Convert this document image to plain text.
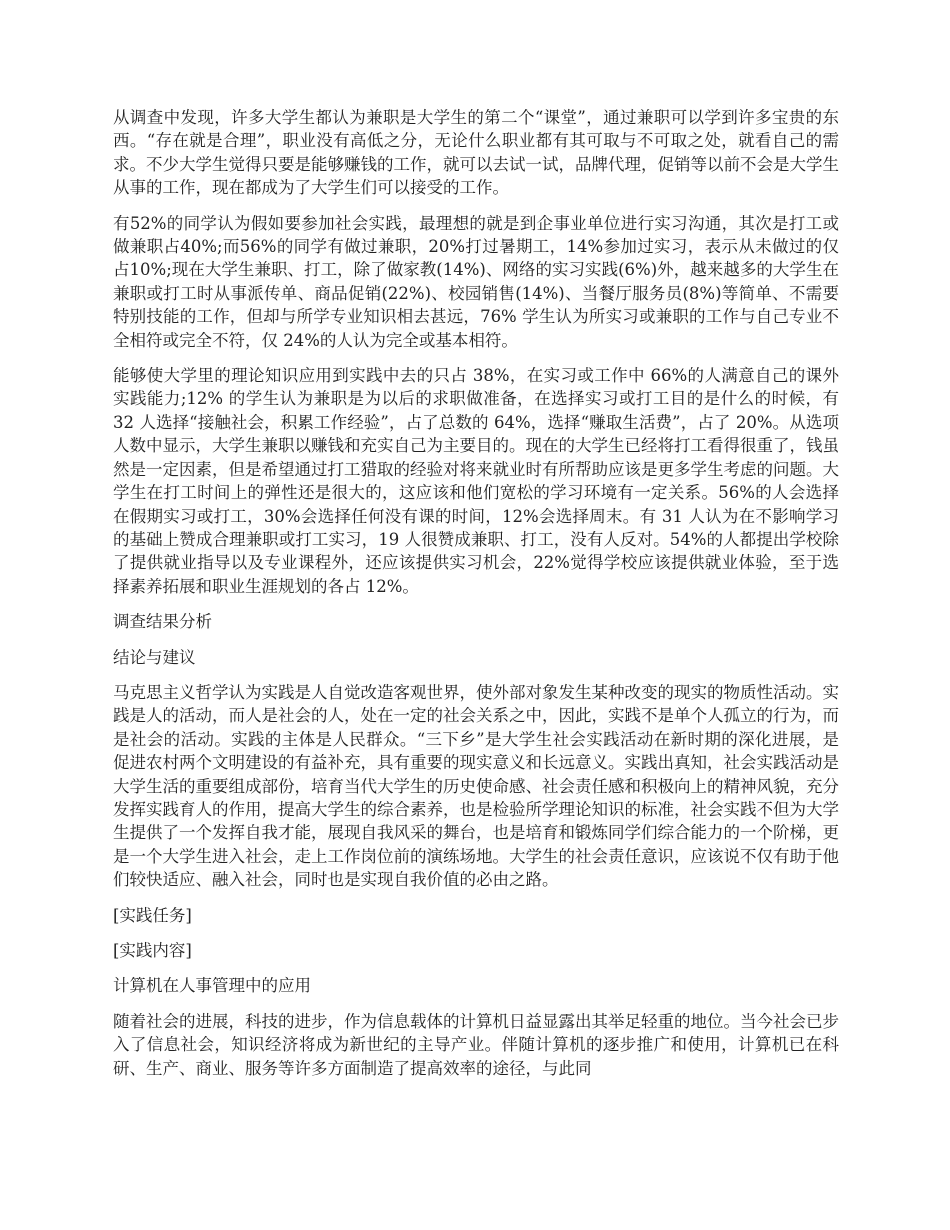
从调查中发现，许多大学生都认为兼职是大学生的第二个“课堂”，通过兼职可以学到许多宝贵的东西。“存在就是合理”，职业没有高低之分，无论什么职业都有其可取与不可取之处，就看自己的需求。不少大学生觉得只要是能够赚钱的工作，就可以去试一试，品牌代理，促销等以前不会是大学生从事的工作，现在都成为了大学生们可以接受的工作。

有52%的同学认为假如要参加社会实践，最理想的就是到企事业单位进行实习沟通，其次是打工或做兼职占40%;而56%的同学有做过兼职，20%打过暑期工，14%参加过实习，表示从未做过的仅占10%;现在大学生兼职、打工，除了做家教(14%)、网络的实习实践(6%)外，越来越多的大学生在兼职或打工时从事派传单、商品促销(22%)、校园销售(14%)、当餐厅服务员(8%)等简单、不需要特别技能的工作，但却与所学专业知识相去甚远，76% 学生认为所实习或兼职的工作与自己专业不全相符或完全不符，仅 24%的人认为完全或基本相符。

能够使大学里的理论知识应用到实践中去的只占 38%，在实习或工作中 66%的人满意自己的课外实践能力;12% 的学生认为兼职是为以后的求职做准备，在选择实习或打工目的是什么的时候，有 32 人选择“接触社会，积累工作经验”，占了总数的 64%，选择“赚取生活费”，占了 20%。从选项人数中显示，大学生兼职以赚钱和充实自己为主要目的。现在的大学生已经将打工看得很重了，钱虽然是一定因素，但是希望通过打工猎取的经验对将来就业时有所帮助应该是更多学生考虑的问题。大学生在打工时间上的弹性还是很大的，这应该和他们宽松的学习环境有一定关系。56%的人会选择在假期实习或打工，30%会选择任何没有课的时间，12%会选择周末。有 31 人认为在不影响学习的基础上赞成合理兼职或打工实习，19 人很赞成兼职、打工，没有人反对。54%的人都提出学校除了提供就业指导以及专业课程外，还应该提供实习机会，22%觉得学校应该提供就业体验，至于选择素养拓展和职业生涯规划的各占 12%。

调查结果分析

结论与建议

马克思主义哲学认为实践是人自觉改造客观世界，使外部对象发生某种改变的现实的物质性活动。实践是人的活动，而人是社会的人，处在一定的社会关系之中，因此，实践不是单个人孤立的行为，而是社会的活动。实践的主体是人民群众。“三下乡”是大学生社会实践活动在新时期的深化进展，是促进农村两个文明建设的有益补充，具有重要的现实意义和长远意义。实践出真知，社会实践活动是大学生活的重要组成部份，培育当代大学生的历史使命感、社会责任感和积极向上的精神风貌，充分发挥实践育人的作用，提高大学生的综合素养，也是检验所学理论知识的标准，社会实践不但为大学生提供了一个发挥自我才能，展现自我风采的舞台，也是培育和锻炼同学们综合能力的一个阶梯，更是一个大学生进入社会，走上工作岗位前的演练场地。大学生的社会责任意识，应该说不仅有助于他们较快适应、融入社会，同时也是实现自我价值的必由之路。

[实践任务]

[实践内容]

计算机在人事管理中的应用

随着社会的进展，科技的进步，作为信息载体的计算机日益显露出其举足轻重的地位。当今社会已步入了信息社会，知识经济将成为新世纪的主导产业。伴随计算机的逐步推广和使用，计算机已在科研、生产、商业、服务等许多方面制造了提高效率的途径，与此同
